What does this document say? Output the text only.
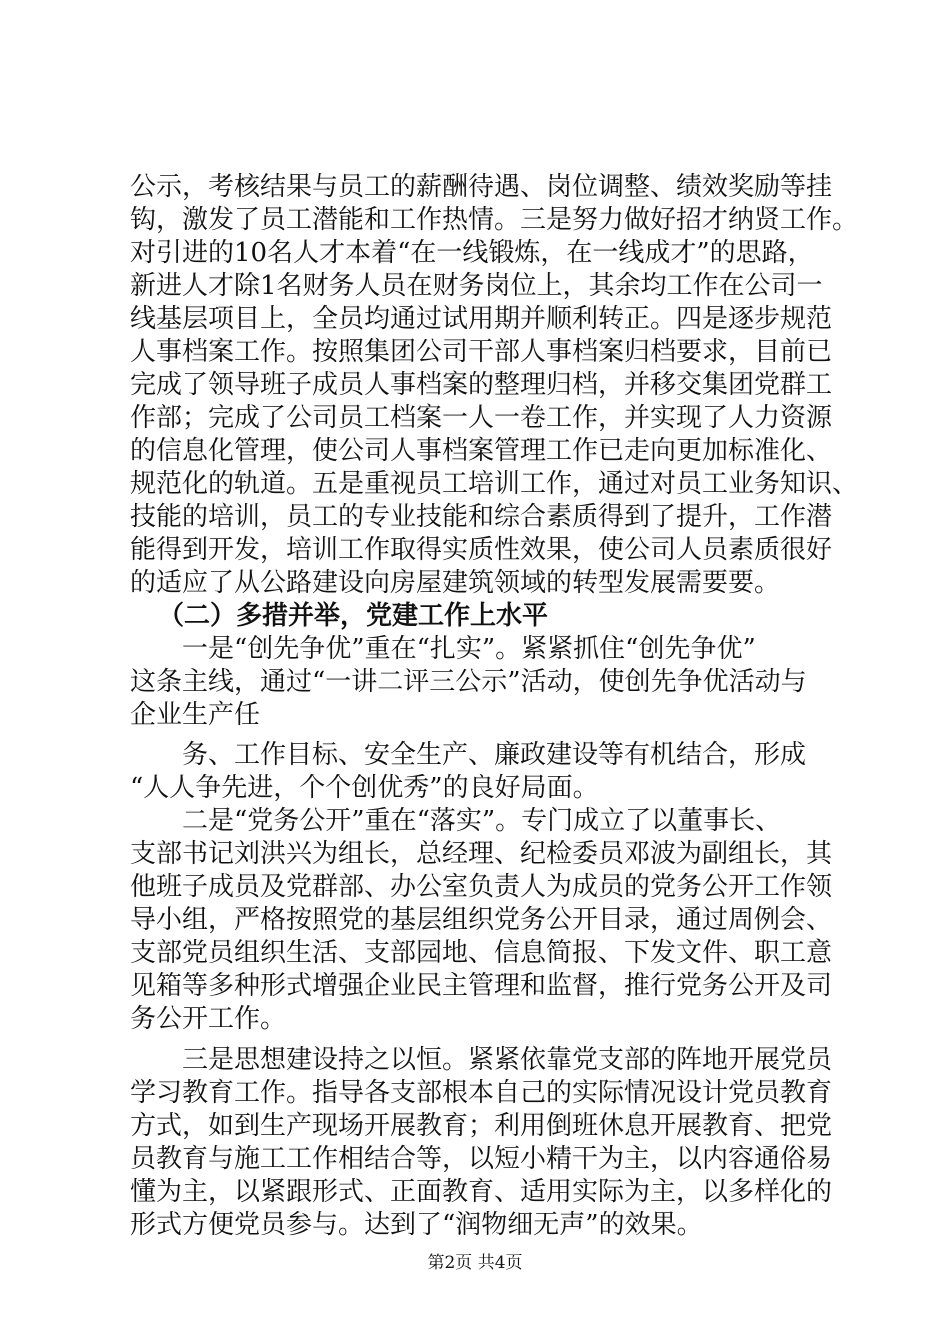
公示，考核结果与员工的薪酬待遇、岗位调整、绩效奖励等挂
钩，激发了员工潜能和工作热情。三是努力做好招才纳贤工作。
对引进的10名人才本着“在一线锻炼，在一线成才”的思路，
新进人才除1名财务人员在财务岗位上，其余均工作在公司一
线基层项目上，全员均通过试用期并顺利转正。四是逐步规范
人事档案工作。按照集团公司干部人事档案归档要求，目前已
完成了领导班子成员人事档案的整理归档，并移交集团党群工
作部；完成了公司员工档案一人一卷工作，并实现了人力资源
的信息化管理，使公司人事档案管理工作已走向更加标准化、
规范化的轨道。五是重视员工培训工作，通过对员工业务知识、
技能的培训，员工的专业技能和综合素质得到了提升，工作潜
能得到开发，培训工作取得实质性效果，使公司人员素质很好
的适应了从公路建设向房屋建筑领域的转型发展需要要。
（二）多措并举，党建工作上水平
一是“创先争优”重在“扎实”。紧紧抓住“创先争优”
这条主线，通过“一讲二评三公示”活动，使创先争优活动与
企业生产任
务、工作目标、安全生产、廉政建设等有机结合，形成
“人人争先进，个个创优秀”的良好局面。
二是“党务公开”重在“落实”。专门成立了以董事长、
支部书记刘洪兴为组长，总经理、纪检委员邓波为副组长，其
他班子成员及党群部、办公室负责人为成员的党务公开工作领
导小组，严格按照党的基层组织党务公开目录，通过周例会、
支部党员组织生活、支部园地、信息简报、下发文件、职工意
见箱等多种形式增强企业民主管理和监督，推行党务公开及司
务公开工作。
三是思想建设持之以恒。紧紧依靠党支部的阵地开展党员
学习教育工作。指导各支部根本自己的实际情况设计党员教育
方式，如到生产现场开展教育；利用倒班休息开展教育、把党
员教育与施工工作相结合等，以短小精干为主，以内容通俗易
懂为主，以紧跟形式、正面教育、适用实际为主，以多样化的
形式方便党员参与。达到了“润物细无声”的效果。
第2页 共4页
